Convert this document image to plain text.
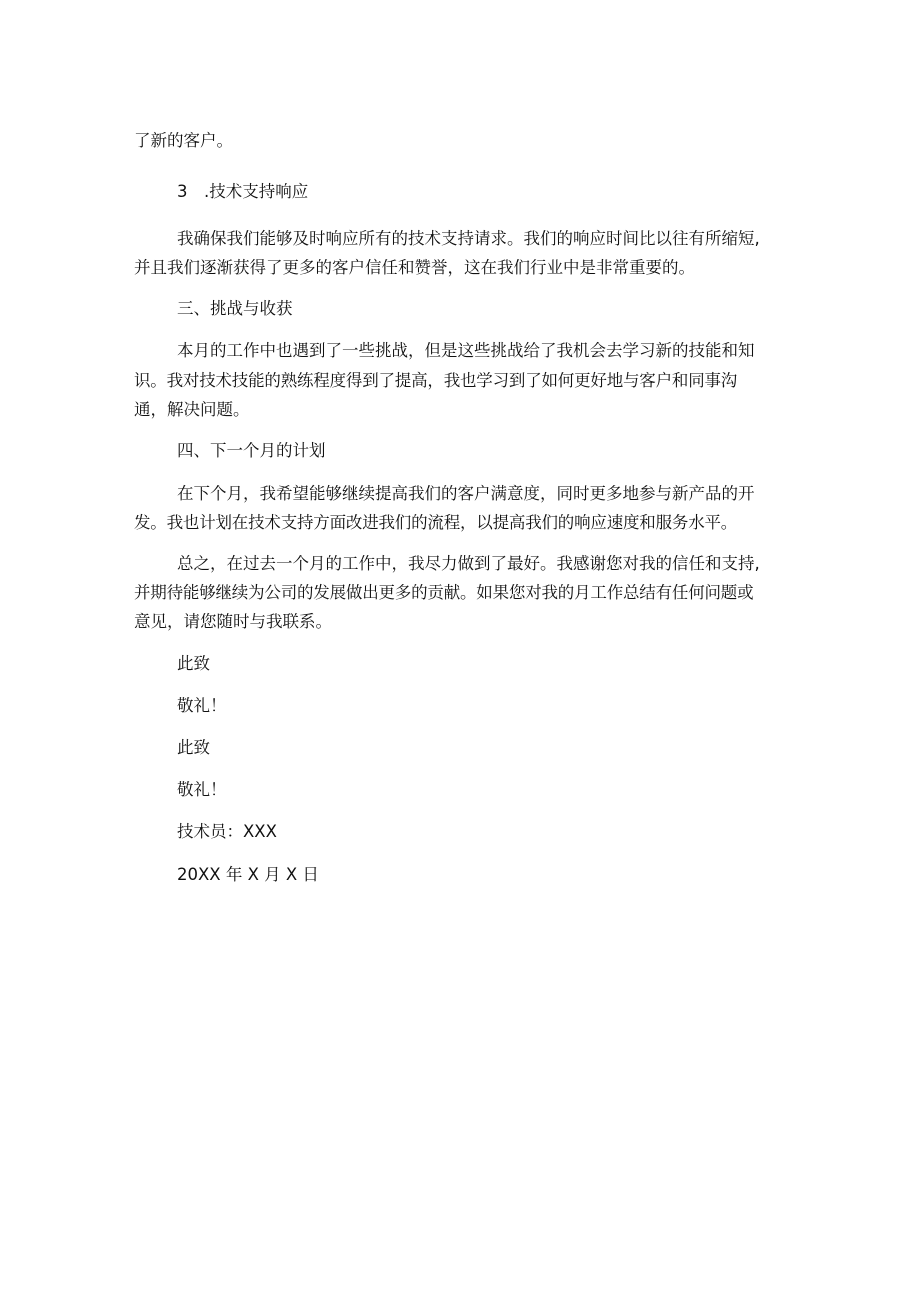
了新的客户。
3　.技术支持响应
我确保我们能够及时响应所有的技术支持请求。我们的响应时间比以往有所缩短,
并且我们逐渐获得了更多的客户信任和赞誉，这在我们行业中是非常重要的。
三、挑战与收获
本月的工作中也遇到了一些挑战，但是这些挑战给了我机会去学习新的技能和知
识。我对技术技能的熟练程度得到了提高，我也学习到了如何更好地与客户和同事沟
通，解决问题。
四、下一个月的计划
在下个月，我希望能够继续提高我们的客户满意度，同时更多地参与新产品的开
发。我也计划在技术支持方面改进我们的流程，以提高我们的响应速度和服务水平。
总之，在过去一个月的工作中，我尽力做到了最好。我感谢您对我的信任和支持,
并期待能够继续为公司的发展做出更多的贡献。如果您对我的月工作总结有任何问题或
意见，请您随时与我联系。
此致
敬礼！
此致
敬礼！
技术员：XXX
20XX 年 X 月 X 日
